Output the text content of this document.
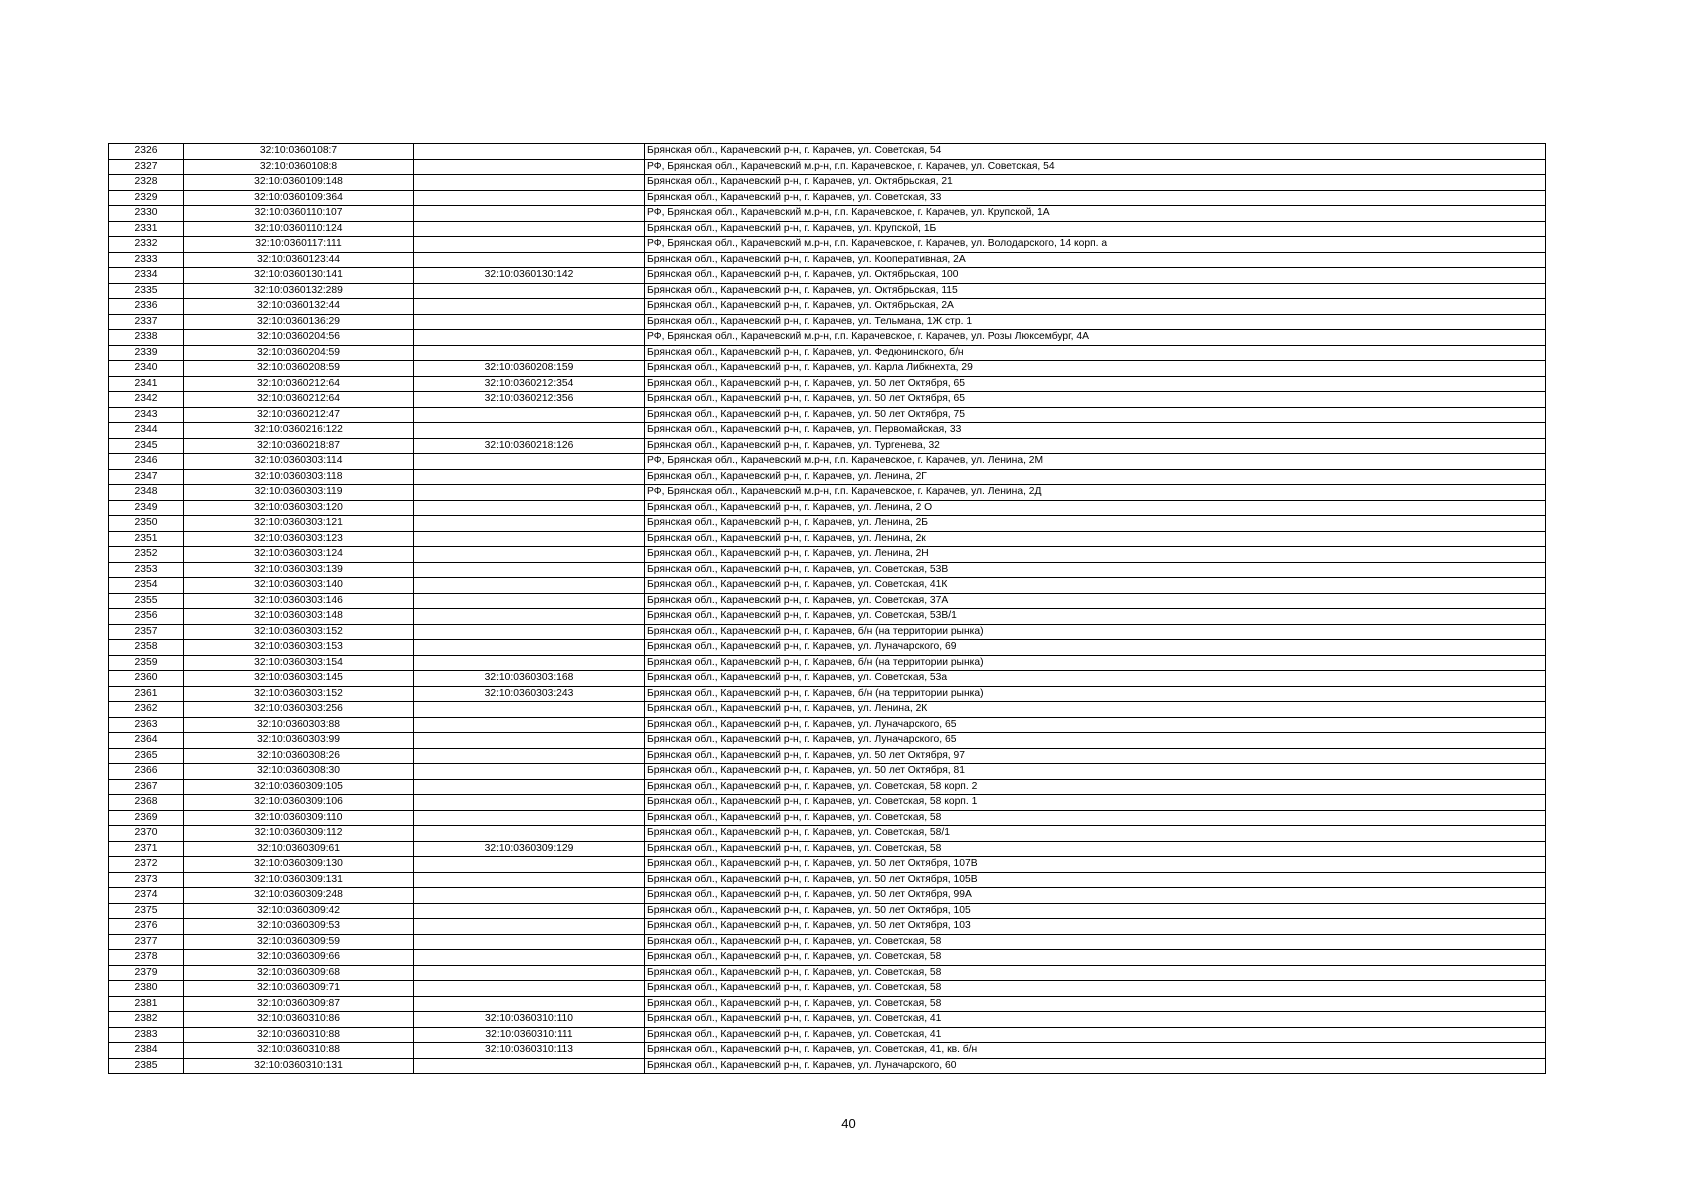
2326	32:10:0360108:7		Брянская обл., Карачевский р-н, г. Карачев, ул. Советская, 54
2327	32:10:0360108:8		РФ, Брянская обл., Карачевский м.р-н, г.п. Карачевское, г. Карачев, ул. Советская, 54
2328	32:10:0360109:148		Брянская обл., Карачевский р-н, г. Карачев, ул. Октябрьская, 21
2329	32:10:0360109:364		Брянская обл., Карачевский р-н, г. Карачев, ул. Советская, 33
2330	32:10:0360110:107		РФ, Брянская обл., Карачевский м.р-н, г.п. Карачевское, г. Карачев, ул. Крупской, 1А
2331	32:10:0360110:124		Брянская обл., Карачевский р-н, г. Карачев, ул. Крупской, 1Б
2332	32:10:0360117:111		РФ, Брянская обл., Карачевский м.р-н, г.п. Карачевское, г. Карачев, ул. Володарского, 14 корп. а
2333	32:10:0360123:44		Брянская обл., Карачевский р-н, г. Карачев, ул. Кооперативная, 2А
2334	32:10:0360130:141	32:10:0360130:142	Брянская обл., Карачевский р-н, г. Карачев, ул. Октябрьская, 100
2335	32:10:0360132:289		Брянская обл., Карачевский р-н, г. Карачев, ул. Октябрьская, 115
2336	32:10:0360132:44		Брянская обл., Карачевский р-н, г. Карачев, ул. Октябрьская, 2А
2337	32:10:0360136:29		Брянская обл., Карачевский р-н, г. Карачев, ул. Тельмана, 1Ж стр. 1
2338	32:10:0360204:56		РФ, Брянская обл., Карачевский м.р-н, г.п. Карачевское, г. Карачев, ул. Розы Люксембург, 4А
2339	32:10:0360204:59		Брянская обл., Карачевский р-н, г. Карачев, ул. Федюнинского, б/н
2340	32:10:0360208:59	32:10:0360208:159	Брянская обл., Карачевский р-н, г. Карачев, ул. Карла Либкнехта, 29
2341	32:10:0360212:64	32:10:0360212:354	Брянская обл., Карачевский р-н, г. Карачев, ул. 50 лет Октября, 65
2342	32:10:0360212:64	32:10:0360212:356	Брянская обл., Карачевский р-н, г. Карачев, ул. 50 лет Октября, 65
2343	32:10:0360212:47		Брянская обл., Карачевский р-н, г. Карачев, ул. 50 лет Октября, 75
2344	32:10:0360216:122		Брянская обл., Карачевский р-н, г. Карачев, ул. Первомайская, 33
2345	32:10:0360218:87	32:10:0360218:126	Брянская обл., Карачевский р-н, г. Карачев, ул. Тургенева, 32
2346	32:10:0360303:114		РФ, Брянская обл., Карачевский м.р-н, г.п. Карачевское, г. Карачев, ул. Ленина, 2М
2347	32:10:0360303:118		Брянская обл., Карачевский р-н, г. Карачев, ул. Ленина, 2Г
2348	32:10:0360303:119		РФ, Брянская обл., Карачевский м.р-н, г.п. Карачевское, г. Карачев, ул. Ленина, 2Д
2349	32:10:0360303:120		Брянская обл., Карачевский р-н, г. Карачев, ул. Ленина, 2 О
2350	32:10:0360303:121		Брянская обл., Карачевский р-н, г. Карачев, ул. Ленина, 2Б
2351	32:10:0360303:123		Брянская обл., Карачевский р-н, г. Карачев, ул. Ленина, 2к
2352	32:10:0360303:124		Брянская обл., Карачевский р-н, г. Карачев, ул. Ленина, 2Н
2353	32:10:0360303:139		Брянская обл., Карачевский р-н, г. Карачев, ул. Советская, 53В
2354	32:10:0360303:140		Брянская обл., Карачевский р-н, г. Карачев, ул. Советская, 41К
2355	32:10:0360303:146		Брянская обл., Карачевский р-н, г. Карачев, ул. Советская, 37А
2356	32:10:0360303:148		Брянская обл., Карачевский р-н, г. Карачев, ул. Советская, 53В/1
2357	32:10:0360303:152		Брянская обл., Карачевский р-н, г. Карачев, б/н (на территории рынка)
2358	32:10:0360303:153		Брянская обл., Карачевский р-н, г. Карачев, ул. Луначарского, 69
2359	32:10:0360303:154		Брянская обл., Карачевский р-н, г. Карачев, б/н (на территории рынка)
2360	32:10:0360303:145	32:10:0360303:168	Брянская обл., Карачевский р-н, г. Карачев, ул. Советская, 53а
2361	32:10:0360303:152	32:10:0360303:243	Брянская обл., Карачевский р-н, г. Карачев, б/н (на территории рынка)
2362	32:10:0360303:256		Брянская обл., Карачевский р-н, г. Карачев, ул. Ленина, 2К
2363	32:10:0360303:88		Брянская обл., Карачевский р-н, г. Карачев, ул. Луначарского, 65
2364	32:10:0360303:99		Брянская обл., Карачевский р-н, г. Карачев, ул. Луначарского, 65
2365	32:10:0360308:26		Брянская обл., Карачевский р-н, г. Карачев, ул. 50 лет Октября, 97
2366	32:10:0360308:30		Брянская обл., Карачевский р-н, г. Карачев, ул. 50 лет Октября, 81
2367	32:10:0360309:105		Брянская обл., Карачевский р-н, г. Карачев, ул. Советская, 58 корп. 2
2368	32:10:0360309:106		Брянская обл., Карачевский р-н, г. Карачев, ул. Советская, 58 корп. 1
2369	32:10:0360309:110		Брянская обл., Карачевский р-н, г. Карачев, ул. Советская, 58
2370	32:10:0360309:112		Брянская обл., Карачевский р-н, г. Карачев, ул. Советская, 58/1
2371	32:10:0360309:61	32:10:0360309:129	Брянская обл., Карачевский р-н, г. Карачев, ул. Советская, 58
2372	32:10:0360309:130		Брянская обл., Карачевский р-н, г. Карачев, ул. 50 лет Октября, 107В
2373	32:10:0360309:131		Брянская обл., Карачевский р-н, г. Карачев, ул. 50 лет Октября, 105В
2374	32:10:0360309:248		Брянская обл., Карачевский р-н, г. Карачев, ул. 50 лет Октября, 99А
2375	32:10:0360309:42		Брянская обл., Карачевский р-н, г. Карачев, ул. 50 лет Октября, 105
2376	32:10:0360309:53		Брянская обл., Карачевский р-н, г. Карачев, ул. 50 лет Октября, 103
2377	32:10:0360309:59		Брянская обл., Карачевский р-н, г. Карачев, ул. Советская, 58
2378	32:10:0360309:66		Брянская обл., Карачевский р-н, г. Карачев, ул. Советская, 58
2379	32:10:0360309:68		Брянская обл., Карачевский р-н, г. Карачев, ул. Советская, 58
2380	32:10:0360309:71		Брянская обл., Карачевский р-н, г. Карачев, ул. Советская, 58
2381	32:10:0360309:87		Брянская обл., Карачевский р-н, г. Карачев, ул. Советская, 58
2382	32:10:0360310:86	32:10:0360310:110	Брянская обл., Карачевский р-н, г. Карачев, ул. Советская, 41
2383	32:10:0360310:88	32:10:0360310:111	Брянская обл., Карачевский р-н, г. Карачев, ул. Советская, 41
2384	32:10:0360310:88	32:10:0360310:113	Брянская обл., Карачевский р-н, г. Карачев, ул. Советская, 41, кв. б/н
2385	32:10:0360310:131		Брянская обл., Карачевский р-н, г. Карачев, ул. Луначарского, 60
40
